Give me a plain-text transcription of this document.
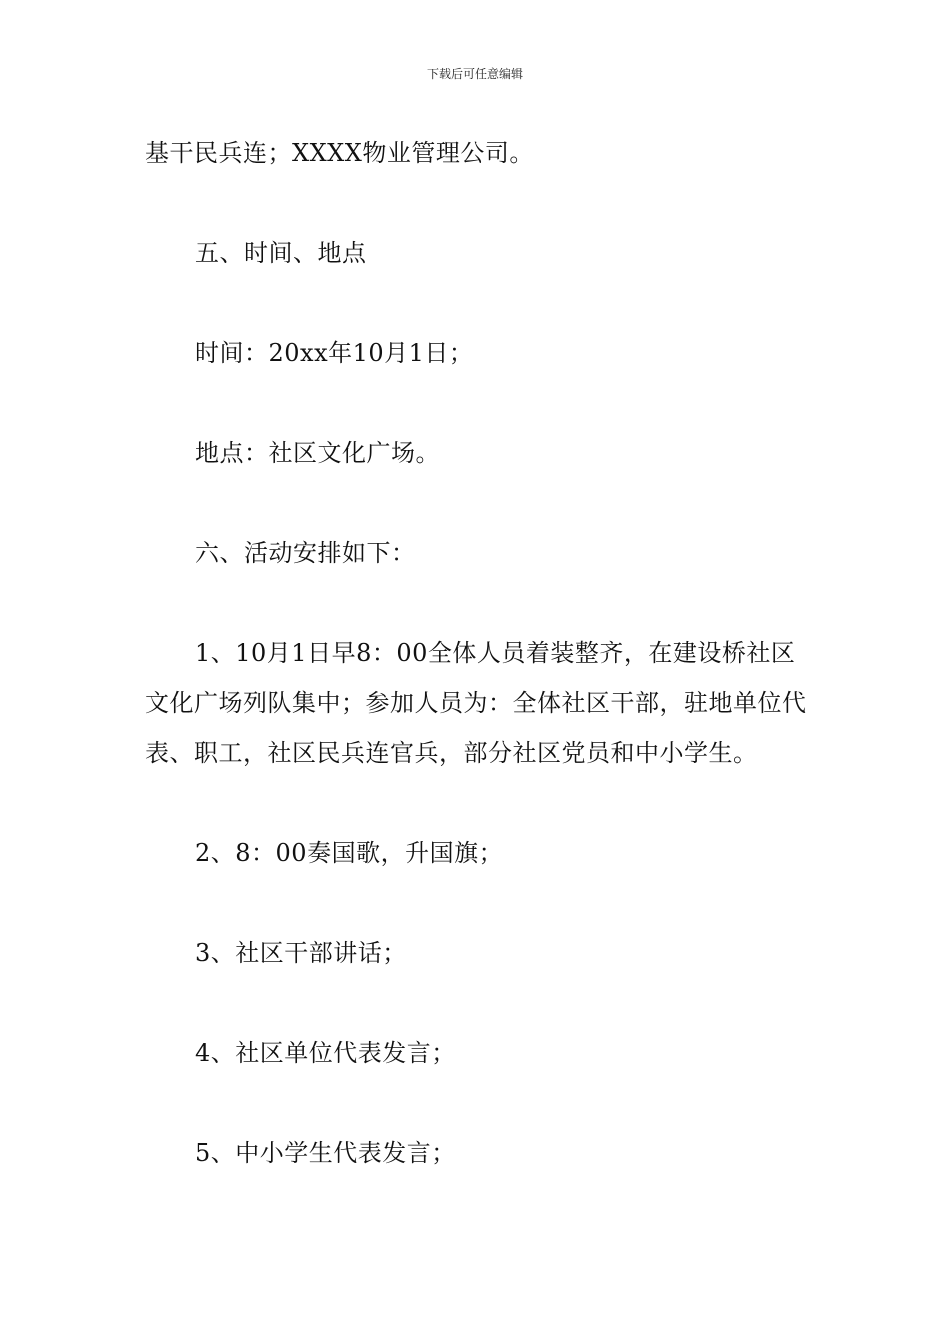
下载后可任意编辑

基干民兵连；XXXX物业管理公司。

五、时间、地点

时间：20xx年10月1日；

地点：社区文化广场。

六、活动安排如下：

1、10月1日早8：00全体人员着装整齐，在建设桥社区文化广场列队集中；参加人员为：全体社区干部，驻地单位代表、职工，社区民兵连官兵，部分社区党员和中小学生。

2、8：00奏国歌，升国旗；

3、社区干部讲话；

4、社区单位代表发言；

5、中小学生代表发言；
